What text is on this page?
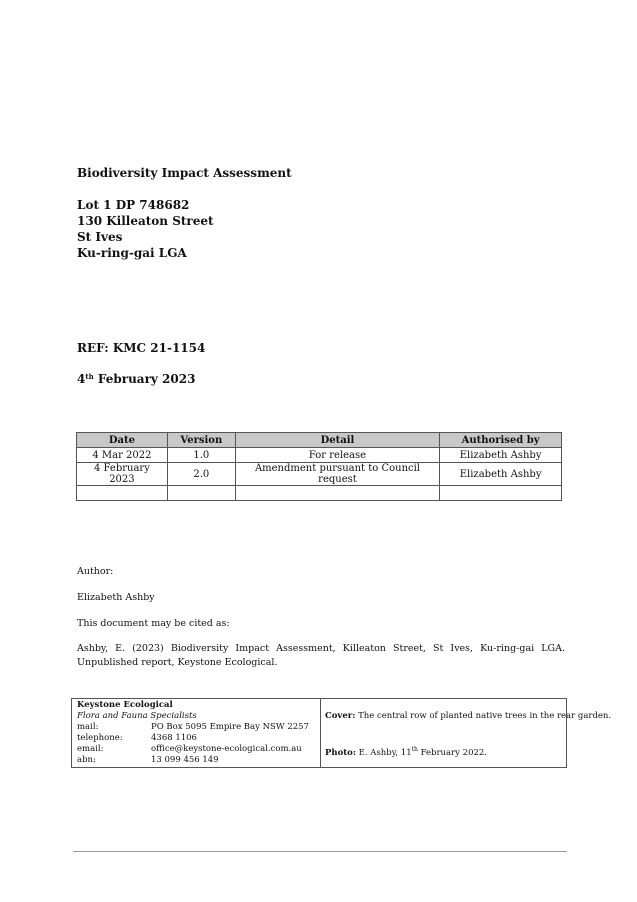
Biodiversity Impact Assessment
Lot 1 DP 748682
130 Killeaton Street
St Ives
Ku-ring-gai LGA
REF: KMC 21-1154
4th February 2023
Date	Version	Detail	Authorised by
4 Mar 2022	1.0	For release	Elizabeth Ashby
4 February 2023	2.0	Amendment pursuant to Council request	Elizabeth Ashby

Author:
Elizabeth Ashby
This document may be cited as:
Ashby, E. (2023) Biodiversity Impact Assessment, Killeaton Street, St Ives, Ku-ring-gai LGA. Unpublished report, Keystone Ecological.
Keystone Ecological
Flora and Fauna Specialists
mail:	PO Box 5095 Empire Bay NSW 2257
telephone:	4368 1106
email:	office@keystone-ecological.com.au
abn:	13 099 456 149
Cover: The central row of planted native trees in the rear garden.
Photo: E. Ashby, 11th February 2022.
